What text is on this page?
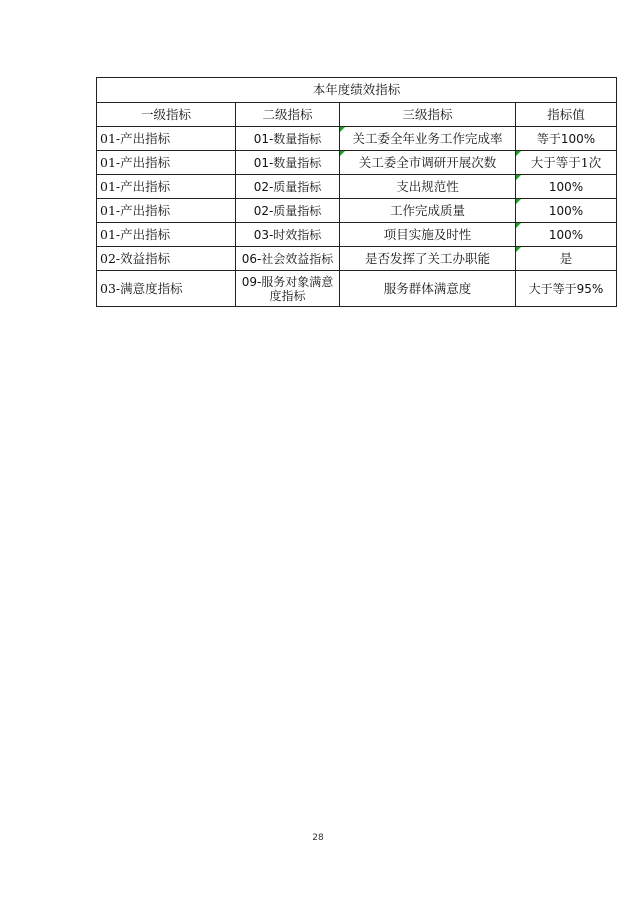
本年度绩效指标			
一级指标	二级指标	三级指标	指标值
01-产出指标	01-数量指标	关工委全年业务工作完成率	等于100%
01-产出指标	01-数量指标	关工委全市调研开展次数	大于等于1次
01-产出指标	02-质量指标	支出规范性	100%
01-产出指标	02-质量指标	工作完成质量	100%
01-产出指标	03-时效指标	项目实施及时性	100%
02-效益指标	06-社会效益指标	是否发挥了关工办职能	是
03-满意度指标	09-服务对象满意度指标	服务群体满意度	大于等于95%
28
